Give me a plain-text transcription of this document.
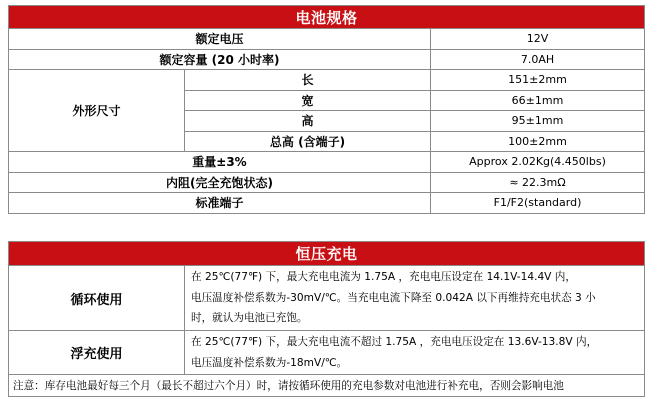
电池规格		
额定电压		12V
额定容量 (20 小时率)		7.0AH
外形尺寸	长	151±2mm
	宽	66±1mm
	高	95±1mm
	总高 (含端子)	100±2mm
重量±3%		Approx 2.02Kg(4.450lbs)
内阻(完全充饱状态)		≈ 22.3mΩ
标准端子		F1/F2(standard)
恒压充电	
循环使用	在 25℃(77℉) 下，最大充电电流为 1.75A ，充电电压设定在 14.1V-14.4V 内，
电压温度补偿系数为-30mV/℃。当充电电流下降至 0.042A 以下再维持充电状态 3 小
时，就认为电池已充饱。

浮充使用	在 25℃(77℉) 下，最大充电电流不超过 1.75A ，充电电压设定在 13.6V-13.8V 内，
电压温度补偿系数为-18mV/℃。

注意：库存电池最好每三个月（最长不超过六个月）时，请按循环使用的充电参数对电池进行补充电，否则会影响电池	
